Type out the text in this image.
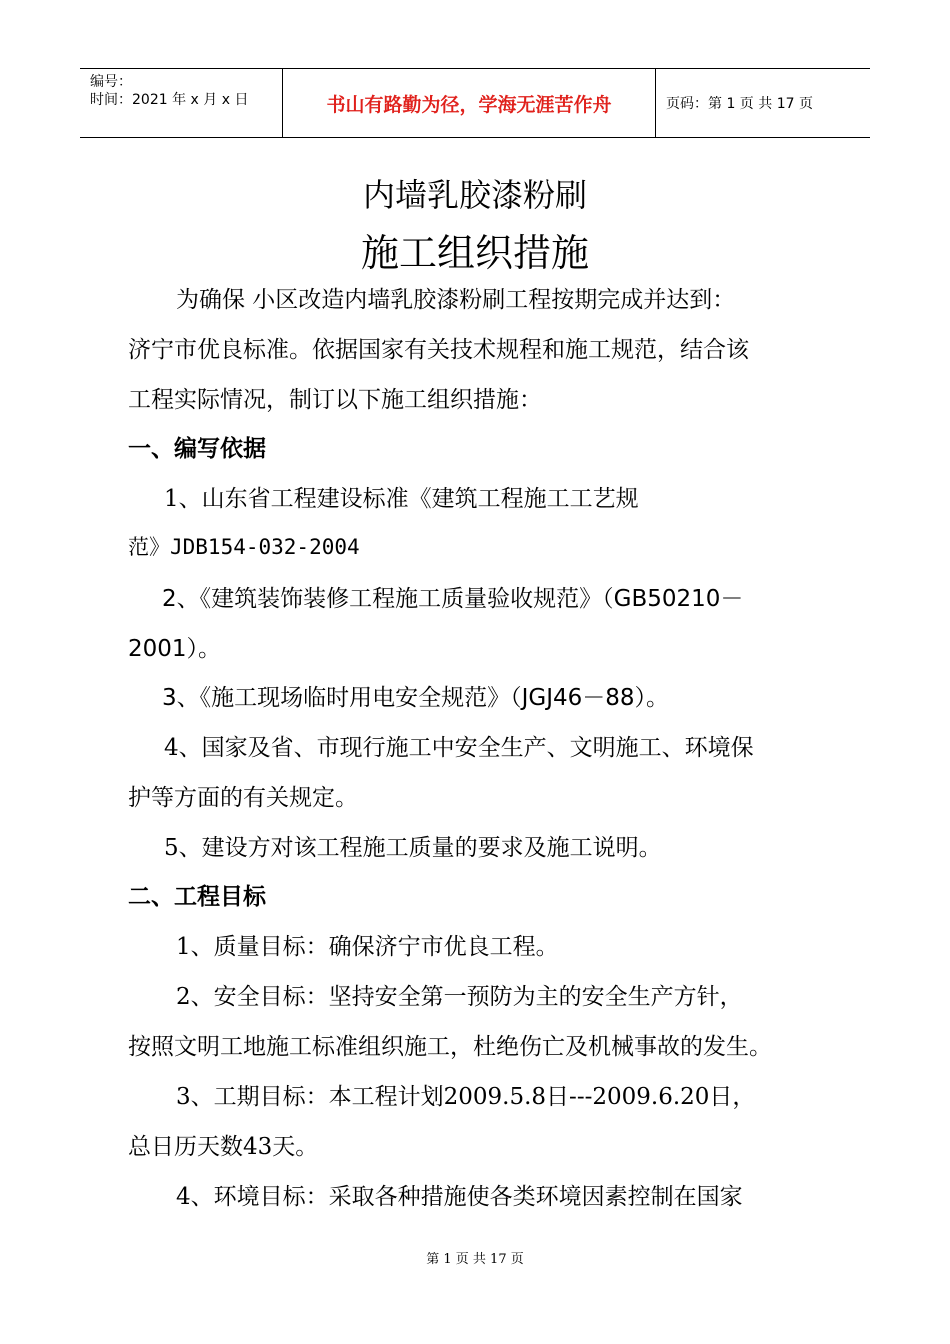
编号：
时间：2021 年 x 月 x 日	书山有路勤为径，学海无涯苦作舟	页码：第 1 页 共 17 页
内墙乳胶漆粉刷
施工组织措施
为确保 小区改造内墙乳胶漆粉刷工程按期完成并达到：
济宁市优良标准。依据国家有关技术规程和施工规范，结合该
工程实际情况，制订以下施工组织措施：
一、编写依据
1、山东省工程建设标准《建筑工程施工工艺规
范》JDB154-032-2004
2、《建筑装饰装修工程施工质量验收规范》（GB50210－
2001）。
3、《施工现场临时用电安全规范》（JGJ46－88）。
4、国家及省、市现行施工中安全生产、文明施工、环境保
护等方面的有关规定。
5、建设方对该工程施工质量的要求及施工说明。
二、工程目标
1、质量目标：确保济宁市优良工程。
2、安全目标：坚持安全第一预防为主的安全生产方针，
按照文明工地施工标准组织施工，杜绝伤亡及机械事故的发生。
3、工期目标：本工程计划2009.5.8日---2009.6.20日，
总日历天数43天。
4、环境目标：采取各种措施使各类环境因素控制在国家
第 1 页 共 17 页
